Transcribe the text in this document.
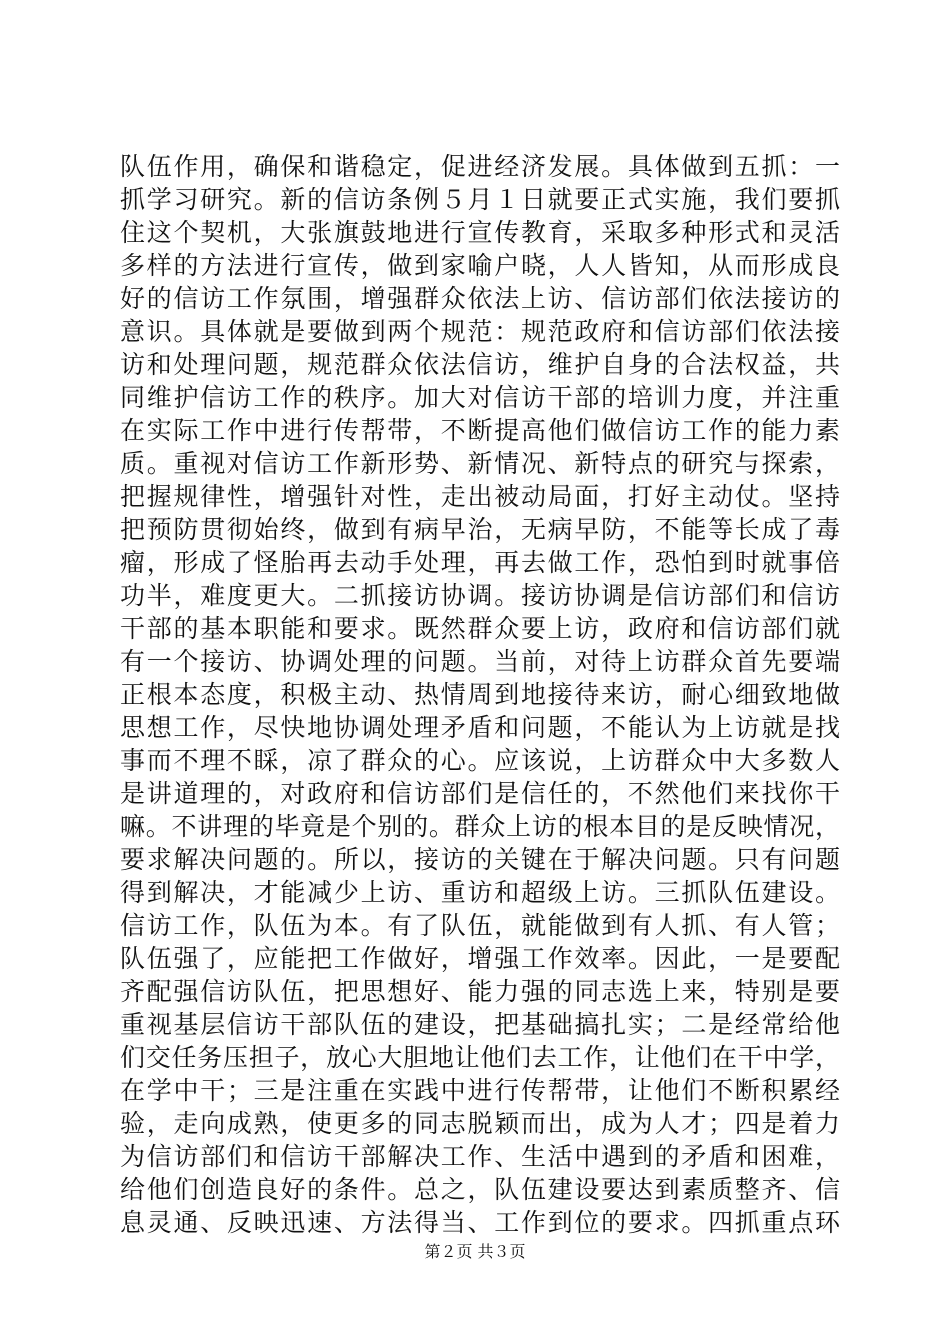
队伍作用，确保和谐稳定，促进经济发展。具体做到五抓：一
抓学习研究。新的信访条例５月１日就要正式实施，我们要抓
住这个契机，大张旗鼓地进行宣传教育，采取多种形式和灵活
多样的方法进行宣传，做到家喻户晓，人人皆知，从而形成良
好的信访工作氛围，增强群众依法上访、信访部们依法接访的
意识。具体就是要做到两个规范：规范政府和信访部们依法接
访和处理问题，规范群众依法信访，维护自身的合法权益，共
同维护信访工作的秩序。加大对信访干部的培训力度，并注重
在实际工作中进行传帮带，不断提高他们做信访工作的能力素
质。重视对信访工作新形势、新情况、新特点的研究与探索，
把握规律性，增强针对性，走出被动局面，打好主动仗。坚持
把预防贯彻始终，做到有病早治，无病早防，不能等长成了毒
瘤，形成了怪胎再去动手处理，再去做工作，恐怕到时就事倍
功半，难度更大。二抓接访协调。接访协调是信访部们和信访
干部的基本职能和要求。既然群众要上访，政府和信访部们就
有一个接访、协调处理的问题。当前，对待上访群众首先要端
正根本态度，积极主动、热情周到地接待来访，耐心细致地做
思想工作，尽快地协调处理矛盾和问题，不能认为上访就是找
事而不理不睬，凉了群众的心。应该说，上访群众中大多数人
是讲道理的，对政府和信访部们是信任的，不然他们来找你干
嘛。不讲理的毕竟是个别的。群众上访的根本目的是反映情况，
要求解决问题的。所以，接访的关键在于解决问题。只有问题
得到解决，才能减少上访、重访和超级上访。三抓队伍建设。
信访工作，队伍为本。有了队伍，就能做到有人抓、有人管；
队伍强了，应能把工作做好，增强工作效率。因此，一是要配
齐配强信访队伍，把思想好、能力强的同志选上来，特别是要
重视基层信访干部队伍的建设，把基础搞扎实；二是经常给他
们交任务压担子，放心大胆地让他们去工作，让他们在干中学，
在学中干；三是注重在实践中进行传帮带，让他们不断积累经
验，走向成熟，使更多的同志脱颖而出，成为人才；四是着力
为信访部们和信访干部解决工作、生活中遇到的矛盾和困难，
给他们创造良好的条件。总之，队伍建设要达到素质整齐、信
息灵通、反映迅速、方法得当、工作到位的要求。四抓重点环
第２页 共３页
